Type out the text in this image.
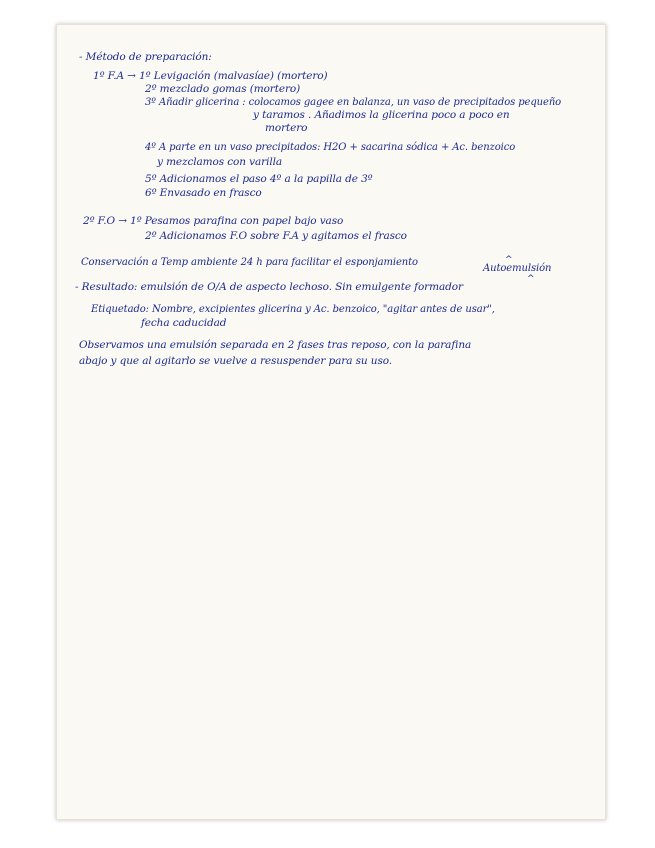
- Método de preparación:
1º F.A → 1º Levigación (malvasíae) (mortero)
2º mezclado gomas (mortero)
3º Añadir glicerina : colocamos gagee en balanza, un vaso de precipitados pequeño
y taramos . Añadimos la glicerina poco a poco en
mortero
4º A parte en un vaso precipitados: H2O + sacarina sódica + Ac. benzoico
y mezclamos con varilla
5º Adicionamos el paso 4º a la papilla de 3º
6º Envasado en frasco
2º F.O → 1º Pesamos parafina con papel bajo vaso
2º Adicionamos F.O sobre F.A y agitamos el frasco
Conservación a Temp ambiente 24 h para facilitar el esponjamiento	^
Autoemulsión
- Resultado: emulsión de O/A de aspecto lechoso. Sin emulgente formador
^
Etiquetado: Nombre, excipientes glicerina y Ac. benzoico, "agitar antes de usar",
fecha caducidad
Observamos una emulsión separada en 2 fases tras reposo, con la parafina
abajo y que al agitarlo se vuelve a resuspender para su uso.
